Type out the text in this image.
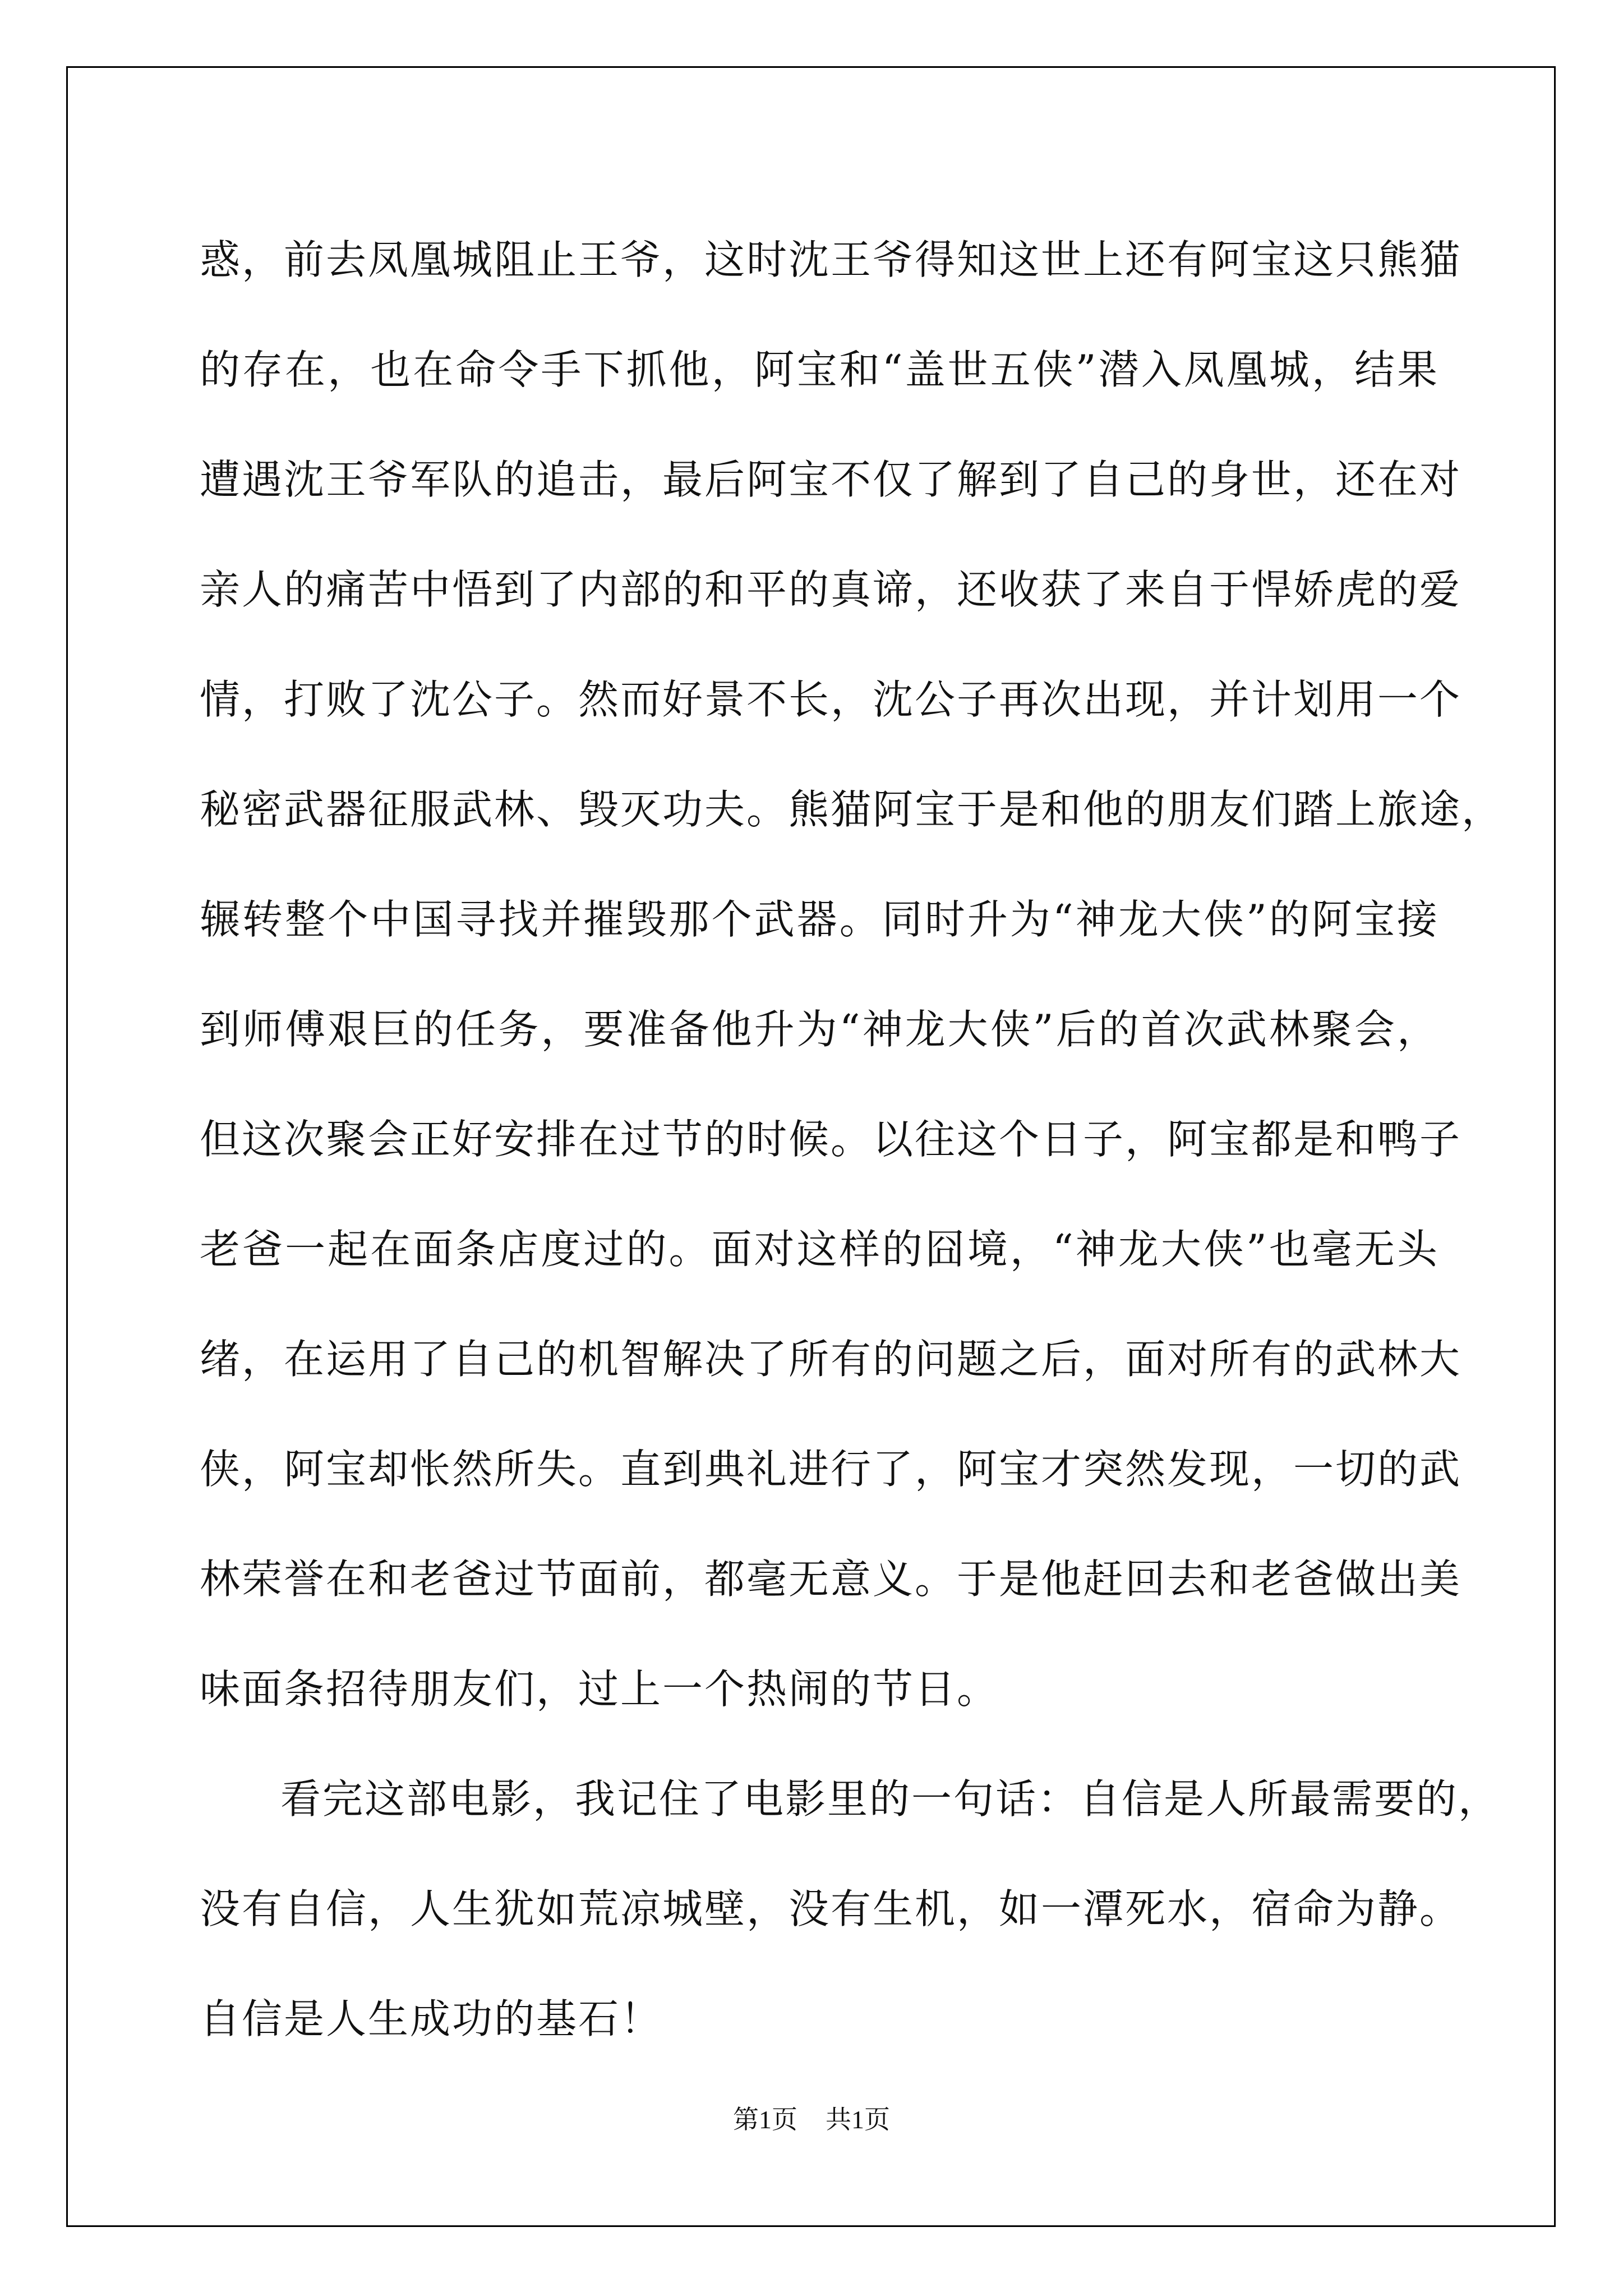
惑，前去凤凰城阻止王爷，这时沈王爷得知这世上还有阿宝这只熊猫
的存在，也在命令手下抓他，阿宝和“盖世五侠”潜入凤凰城，结果
遭遇沈王爷军队的追击，最后阿宝不仅了解到了自己的身世，还在对
亲人的痛苦中悟到了内部的和平的真谛，还收获了来自于悍娇虎的爱
情，打败了沈公子。然而好景不长，沈公子再次出现，并计划用一个
秘密武器征服武林、毁灭功夫。熊猫阿宝于是和他的朋友们踏上旅途，
辗转整个中国寻找并摧毁那个武器。同时升为“神龙大侠”的阿宝接
到师傅艰巨的任务，要准备他升为“神龙大侠”后的首次武林聚会，
但这次聚会正好安排在过节的时候。以往这个日子，阿宝都是和鸭子
老爸一起在面条店度过的。面对这样的囧境，“神龙大侠”也毫无头
绪，在运用了自己的机智解决了所有的问题之后，面对所有的武林大
侠，阿宝却怅然所失。直到典礼进行了，阿宝才突然发现，一切的武
林荣誉在和老爸过节面前，都毫无意义。于是他赶回去和老爸做出美
味面条招待朋友们，过上一个热闹的节日。
看完这部电影，我记住了电影里的一句话：自信是人所最需要的，
没有自信，人生犹如荒凉城壁，没有生机，如一潭死水，宿命为静。
自信是人生成功的基石！
第1页 共1页
